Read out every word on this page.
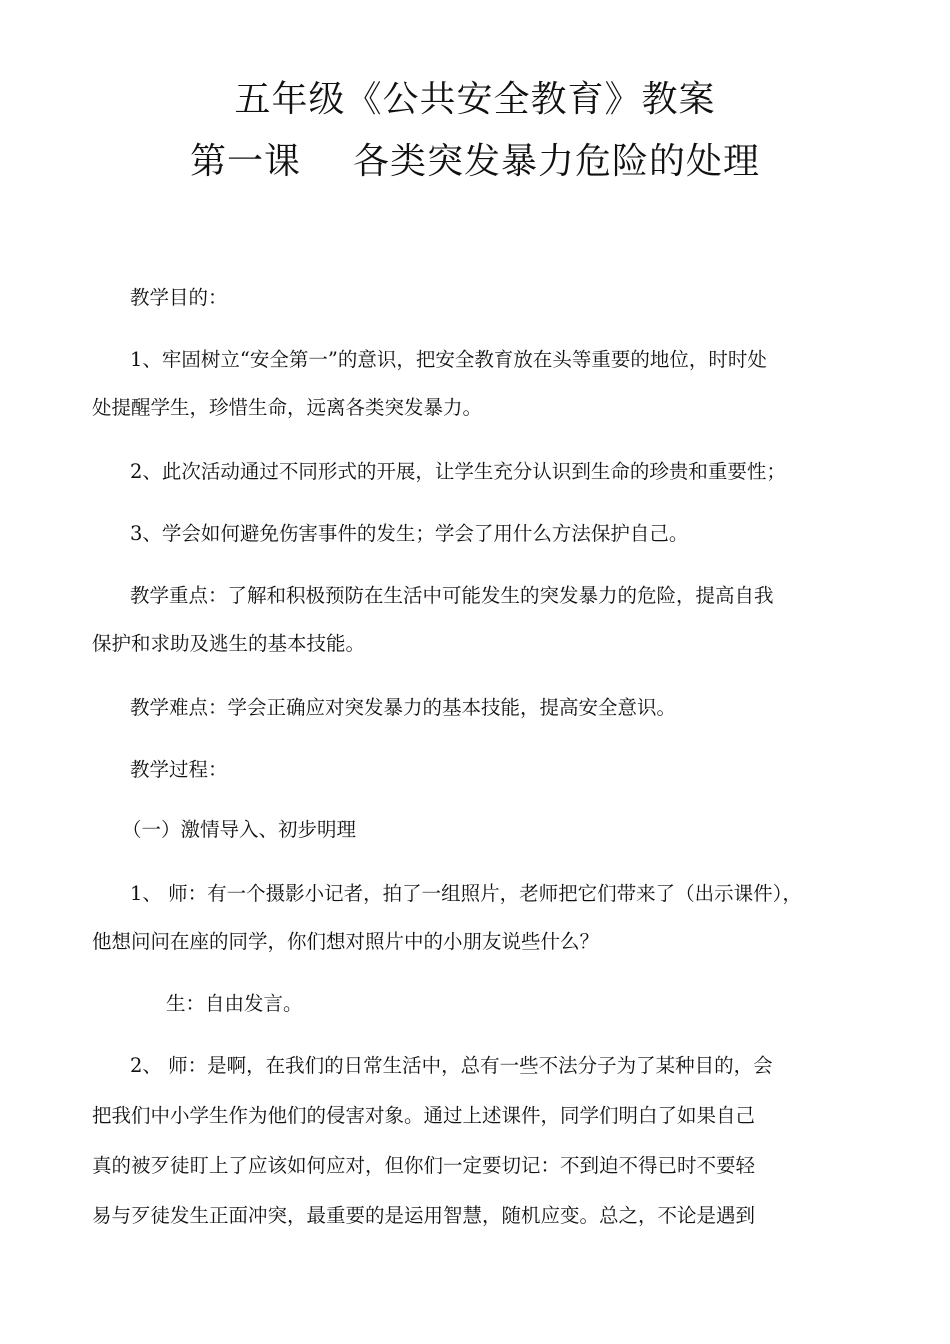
五年级《公共安全教育》教案
第一课 各类突发暴力危险的处理
教学目的：
1、牢固树立“安全第一”的意识，把安全教育放在头等重要的地位，时时处
处提醒学生，珍惜生命，远离各类突发暴力。
2、此次活动通过不同形式的开展，让学生充分认识到生命的珍贵和重要性；
3、学会如何避免伤害事件的发生；学会了用什么方法保护自己。
教学重点：了解和积极预防在生活中可能发生的突发暴力的危险，提高自我
保护和求助及逃生的基本技能。
教学难点：学会正确应对突发暴力的基本技能，提高安全意识。
教学过程：
（一）激情导入、初步明理
1、 师：有一个摄影小记者，拍了一组照片，老师把它们带来了（出示课件），
他想问问在座的同学，你们想对照片中的小朋友说些什么？
生：自由发言。
2、 师：是啊，在我们的日常生活中，总有一些不法分子为了某种目的，会
把我们中小学生作为他们的侵害对象。通过上述课件，同学们明白了如果自己
真的被歹徒盯上了应该如何应对，但你们一定要切记：不到迫不得已时不要轻
易与歹徒发生正面冲突，最重要的是运用智慧，随机应变。总之，不论是遇到
